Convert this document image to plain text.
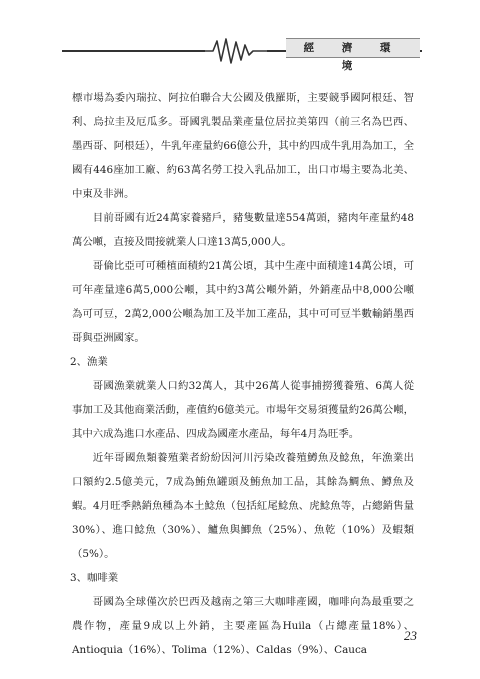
經 濟 環 境

標市場為委內瑞拉、阿拉伯聯合大公國及俄羅斯，主要競爭國阿根廷、智利、烏拉圭及厄瓜多。哥國乳製品業產量位居拉美第四（前三名為巴西、墨西哥、阿根廷），牛乳年產量約66億公升，其中約四成牛乳用為加工，全國有446座加工廠、約63萬名勞工投入乳品加工，出口市場主要為北美、中東及非洲。

目前哥國有近24萬家養豬戶，豬隻數量達554萬頭，豬肉年產量約48萬公噸，直接及間接就業人口達13萬5,000人。

哥倫比亞可可種植面積約21萬公頃，其中生產中面積達14萬公頃，可可年產量達6萬5,000公噸，其中約3萬公噸外銷，外銷產品中8,000公噸為可可豆，2萬2,000公噸為加工及半加工產品，其中可可豆半數輸銷墨西哥與亞洲國家。

2、漁業

哥國漁業就業人口約32萬人，其中26萬人從事捕撈獲養殖、6萬人從事加工及其他商業活動，產值約6億美元。市場年交易須獲量約26萬公噸，其中六成為進口水產品、四成為國產水產品，每年4月為旺季。

近年哥國魚類養殖業者紛紛因河川污染改養殖鱒魚及鯰魚，年漁業出口額約2.5億美元，7成為鮪魚罐頭及鮪魚加工品，其餘為鯛魚、鱒魚及蝦。4月旺季熱銷魚種為本土鯰魚（包括紅尾鯰魚、虎鯰魚等，占總銷售量30%）、進口鯰魚（30%）、鱸魚與鯽魚（25%）、魚乾（10%）及蝦類（5%）。

3、咖啡業

哥國為全球僅次於巴西及越南之第三大咖啡產國，咖啡向為最重要之農作物，產量9成以上外銷，主要產區為Huila（占總產量18%）、Antioquia（16%）、Tolima（12%）、Caldas（9%）、Cauca

23
